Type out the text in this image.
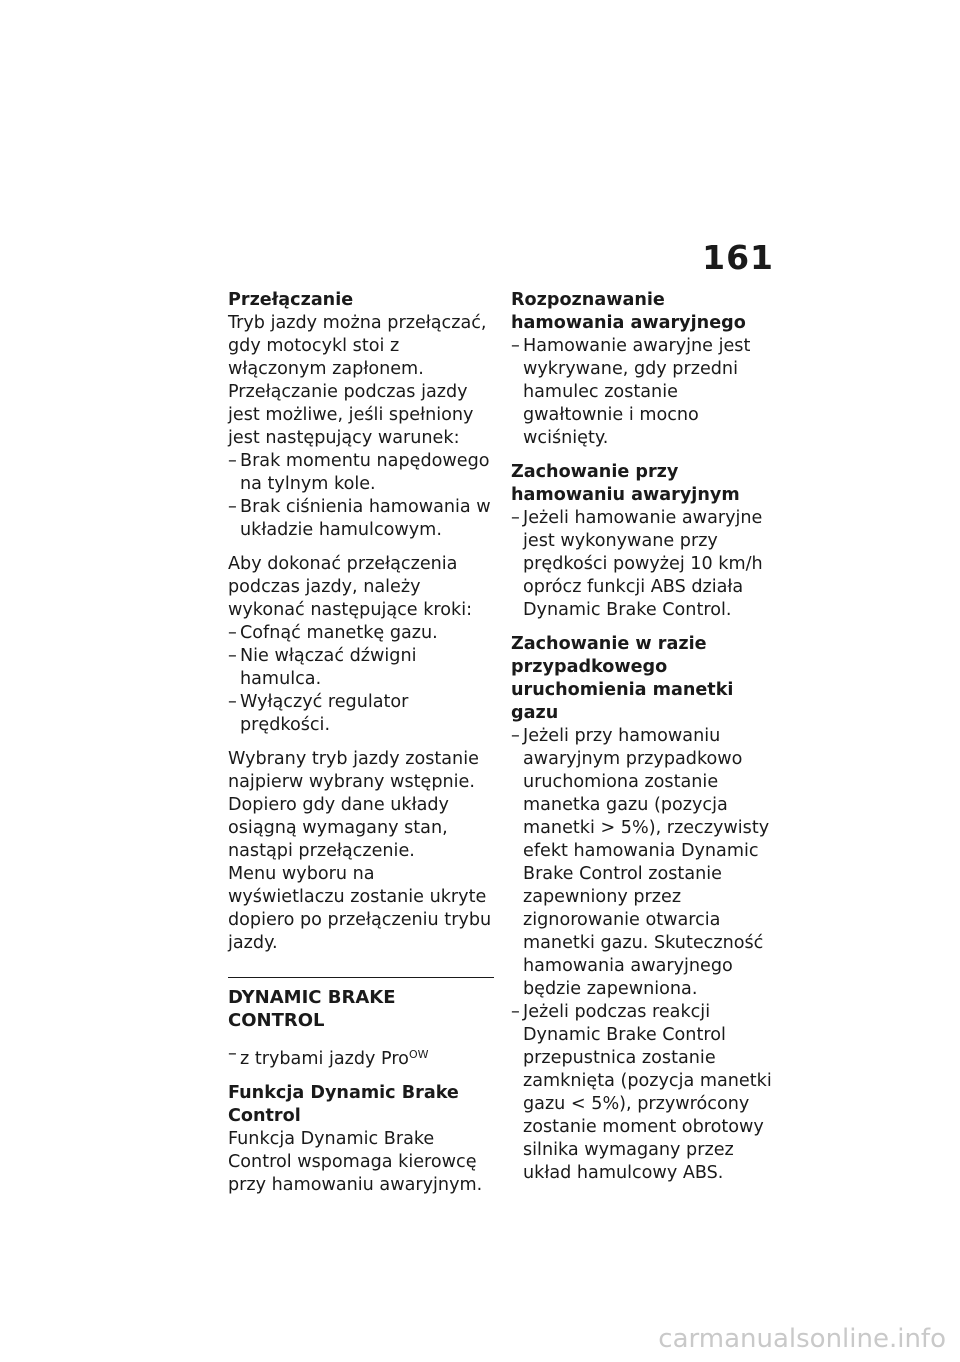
161
Przełączanie

Tryb jazdy można przełączać, gdy motocykl stoi z włączonym zapłonem. Przełączanie podczas jazdy jest możliwe, jeśli spełniony jest następujący warunek:

– Brak momentu napędowego na tylnym kole.
– Brak ciśnienia hamowania w układzie hamulcowym.

Aby dokonać przełączenia podczas jazdy, należy wykonać następujące kroki:

– Cofnąć manetkę gazu.
– Nie włączać dźwigni hamulca.
– Wyłączyć regulator prędkości.

Wybrany tryb jazdy zostanie najpierw wybrany wstępnie. Dopiero gdy dane układy osiągną wymagany stan, nastąpi przełączenie.

Menu wyboru na wyświetlaczu zostanie ukryte dopiero po przełączeniu trybu jazdy.

DYNAMIC BRAKE CONTROL
– z trybami jazdy Pro$^{OW}$
Funkcja Dynamic Brake Control

Funkcja Dynamic Brake Control wspomaga kierowcę przy hamowaniu awaryjnym.

Rozpoznawanie hamowania awaryjnego
– Hamowanie awaryjne jest wykrywane, gdy przedni hamulec zostanie gwałtownie i mocno wciśnięty.
Zachowanie przy hamowaniu awaryjnym
– Jeżeli hamowanie awaryjne jest wykonywane przy prędkości powyżej 10 km/h oprócz funkcji ABS działa Dynamic Brake Control.
Zachowanie w razie przypadkowego uruchomienia manetki gazu
– Jeżeli przy hamowaniu awaryjnym przypadkowo uruchomiona zostanie manetka gazu (pozycja manetki > 5%), rzeczywisty efekt hamowania Dynamic Brake Control zostanie zapewniony przez zignorowanie otwarcia manetki gazu. Skuteczność hamowania awaryjnego będzie zapewniona.
– Jeżeli podczas reakcji Dynamic Brake Control przepustnica zostanie zamknięta (pozycja manetki gazu < 5%), przywrócony zostanie moment obrotowy silnika wymagany przez układ hamulcowy ABS.
carmanualsonline.info
